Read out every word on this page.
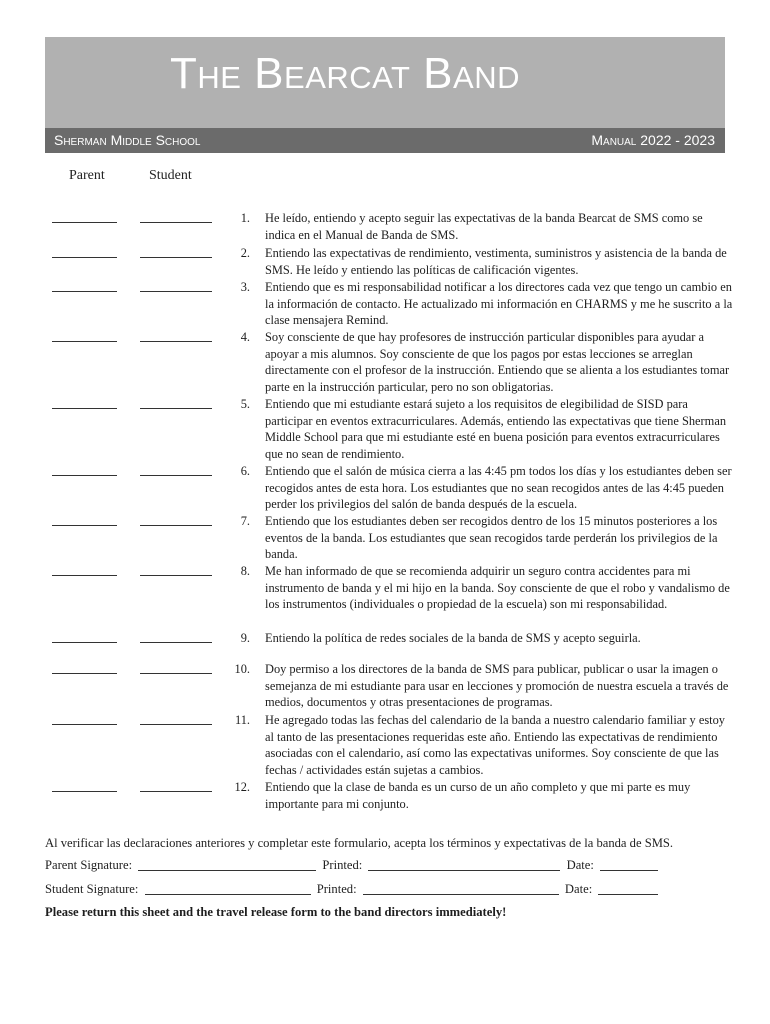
The Bearcat Band
Sherman Middle School	Manual 2022 - 2023
Parent	Student
1. He leído, entiendo y acepto seguir las expectativas de la banda Bearcat de SMS como se indica en el Manual de Banda de SMS.
2. Entiendo las expectativas de rendimiento, vestimenta, suministros y asistencia de la banda de SMS. He leído y entiendo las políticas de calificación vigentes.
3. Entiendo que es mi responsabilidad notificar a los directores cada vez que tengo un cambio en la información de contacto. He actualizado mi información en CHARMS y me he suscrito a la clase mensajera Remind.
4. Soy consciente de que hay profesores de instrucción particular disponibles para ayudar a apoyar a mis alumnos. Soy consciente de que los pagos por estas lecciones se arreglan directamente con el profesor de la instrucción. Entiendo que se alienta a los estudiantes tomar parte en la instrucción particular, pero no son obligatorias.
5. Entiendo que mi estudiante estará sujeto a los requisitos de elegibilidad de SISD para participar en eventos extracurriculares. Además, entiendo las expectativas que tiene Sherman Middle School para que mi estudiante esté en buena posición para eventos extracurriculares que no sean de rendimiento.
6. Entiendo que el salón de música cierra a las 4:45 pm todos los días y los estudiantes deben ser recogidos antes de esta hora. Los estudiantes que no sean recogidos antes de las 4:45 pueden perder los privilegios del salón de banda después de la escuela.
7. Entiendo que los estudiantes deben ser recogidos dentro de los 15 minutos posteriores a los eventos de la banda. Los estudiantes que sean recogidos tarde perderán los privilegios de la banda.
8. Me han informado de que se recomienda adquirir un seguro contra accidentes para mi instrumento de banda y el mi hijo en la banda. Soy consciente de que el robo y vandalismo de los instrumentos (individuales o propiedad de la escuela) son mi responsabilidad.
9. Entiendo la política de redes sociales de la banda de SMS y acepto seguirla.
10. Doy permiso a los directores de la banda de SMS para publicar, publicar o usar la imagen o semejanza de mi estudiante para usar en lecciones y promoción de nuestra escuela a través de medios, documentos y otras presentaciones de programas.
11. He agregado todas las fechas del calendario de la banda a nuestro calendario familiar y estoy al tanto de las presentaciones requeridas este año. Entiendo las expectativas de rendimiento asociadas con el calendario, así como las expectativas uniformes. Soy consciente de que las fechas / actividades están sujetas a cambios.
12. Entiendo que la clase de banda es un curso de un año completo y que mi parte es muy importante para mi conjunto.
Al verificar las declaraciones anteriores y completar este formulario, acepta los términos y expectativas de la banda de SMS.
Parent Signature:	Printed:	Date:
Student Signature:	Printed:	Date:
Please return this sheet and the travel release form to the band directors immediately!
